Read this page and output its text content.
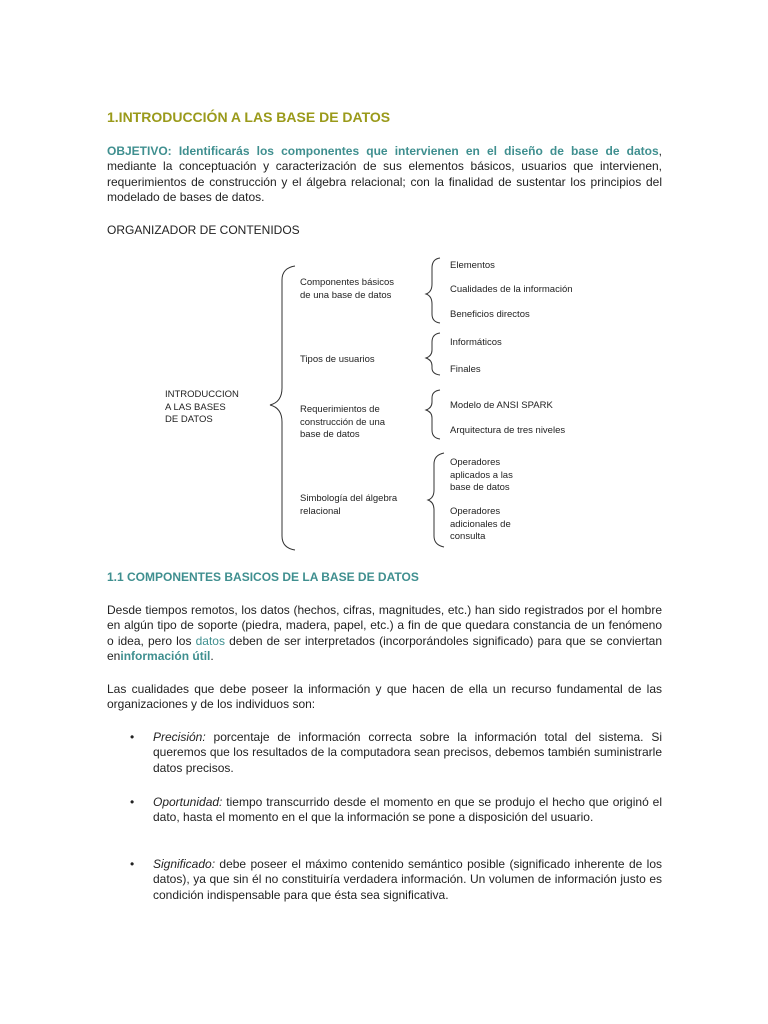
1.INTRODUCCIÓN A LAS BASE DE DATOS

OBJETIVO: Identificarás los componentes que intervienen en el diseño de base de datos, mediante la conceptuación y caracterización de sus elementos básicos, usuarios que intervienen, requerimientos de construcción y el álgebra relacional; con la finalidad de sustentar los principios del modelado de bases de datos.

ORGANIZADOR DE CONTENIDOS

INTRODUCCION
A LAS BASES
DE DATOS
Componentes básicos
de una base de datos
Tipos de usuarios
Requerimientos de
construcción de una
base de datos
Simbología del álgebra
relacional
Elementos
Cualidades de la información
Beneficios directos
Informáticos
Finales
Modelo de ANSI SPARK
Arquitectura de tres niveles
Operadores
aplicados a las
base de datos
Operadores
adicionales de
consulta
1.1 COMPONENTES BASICOS DE LA BASE DE DATOS

Desde tiempos remotos, los datos (hechos, cifras, magnitudes, etc.) han sido registrados por el hombre en algún tipo de soporte (piedra, madera, papel, etc.) a fin de que quedara constancia de un fenómeno o idea, pero los datos deben de ser interpretados (incorporándoles significado) para que se conviertan eninformación útil.

Las cualidades que debe poseer la información y que hacen de ella un recurso fundamental de las organizaciones y de los individuos son:

• Precisión: porcentaje de información correcta sobre la información total del sistema. Si queremos que los resultados de la computadora sean precisos, debemos también suministrarle datos precisos.

• Oportunidad: tiempo transcurrido desde el momento en que se produjo el hecho que originó el dato, hasta el momento en el que la información se pone a disposición del usuario.

• Significado: debe poseer el máximo contenido semántico posible (significado inherente de los datos), ya que sin él no constituiría verdadera información. Un volumen de información justo es condición indispensable para que ésta sea significativa.
